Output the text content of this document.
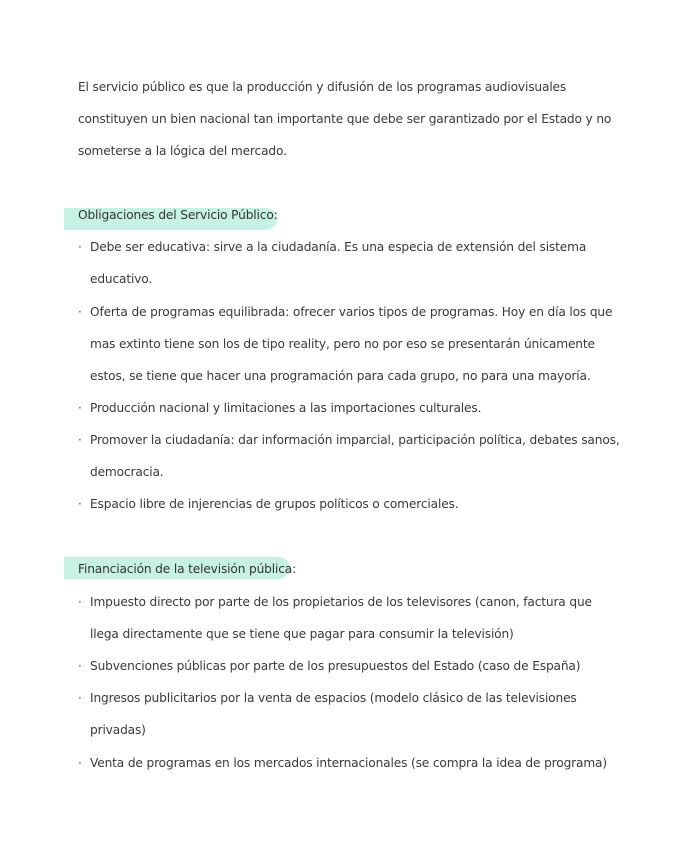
El servicio público es que la producción y difusión de los programas audiovisuales
constituyen un bien nacional tan importante que debe ser garantizado por el Estado y no
someterse a la lógica del mercado.
Obligaciones del Servicio Público:
· Debe ser educativa: sirve a la ciudadanía. Es una especia de extensión del sistema
educativo.
· Oferta de programas equilibrada: ofrecer varios tipos de programas. Hoy en día los que
mas extinto tiene son los de tipo reality, pero no por eso se presentarán únicamente
estos, se tiene que hacer una programación para cada grupo, no para una mayoría.
· Producción nacional y limitaciones a las importaciones culturales.
· Promover la ciudadanía: dar información imparcial, participación política, debates sanos,
democracia.
· Espacio libre de injerencias de grupos políticos o comerciales.
Financiación de la televisión pública:
· Impuesto directo por parte de los propietarios de los televisores (canon, factura que
llega directamente que se tiene que pagar para consumir la televisión)
· Subvenciones públicas por parte de los presupuestos del Estado (caso de España)
· Ingresos publicitarios por la venta de espacios (modelo clásico de las televisiones
privadas)
· Venta de programas en los mercados internacionales (se compra la idea de programa)
